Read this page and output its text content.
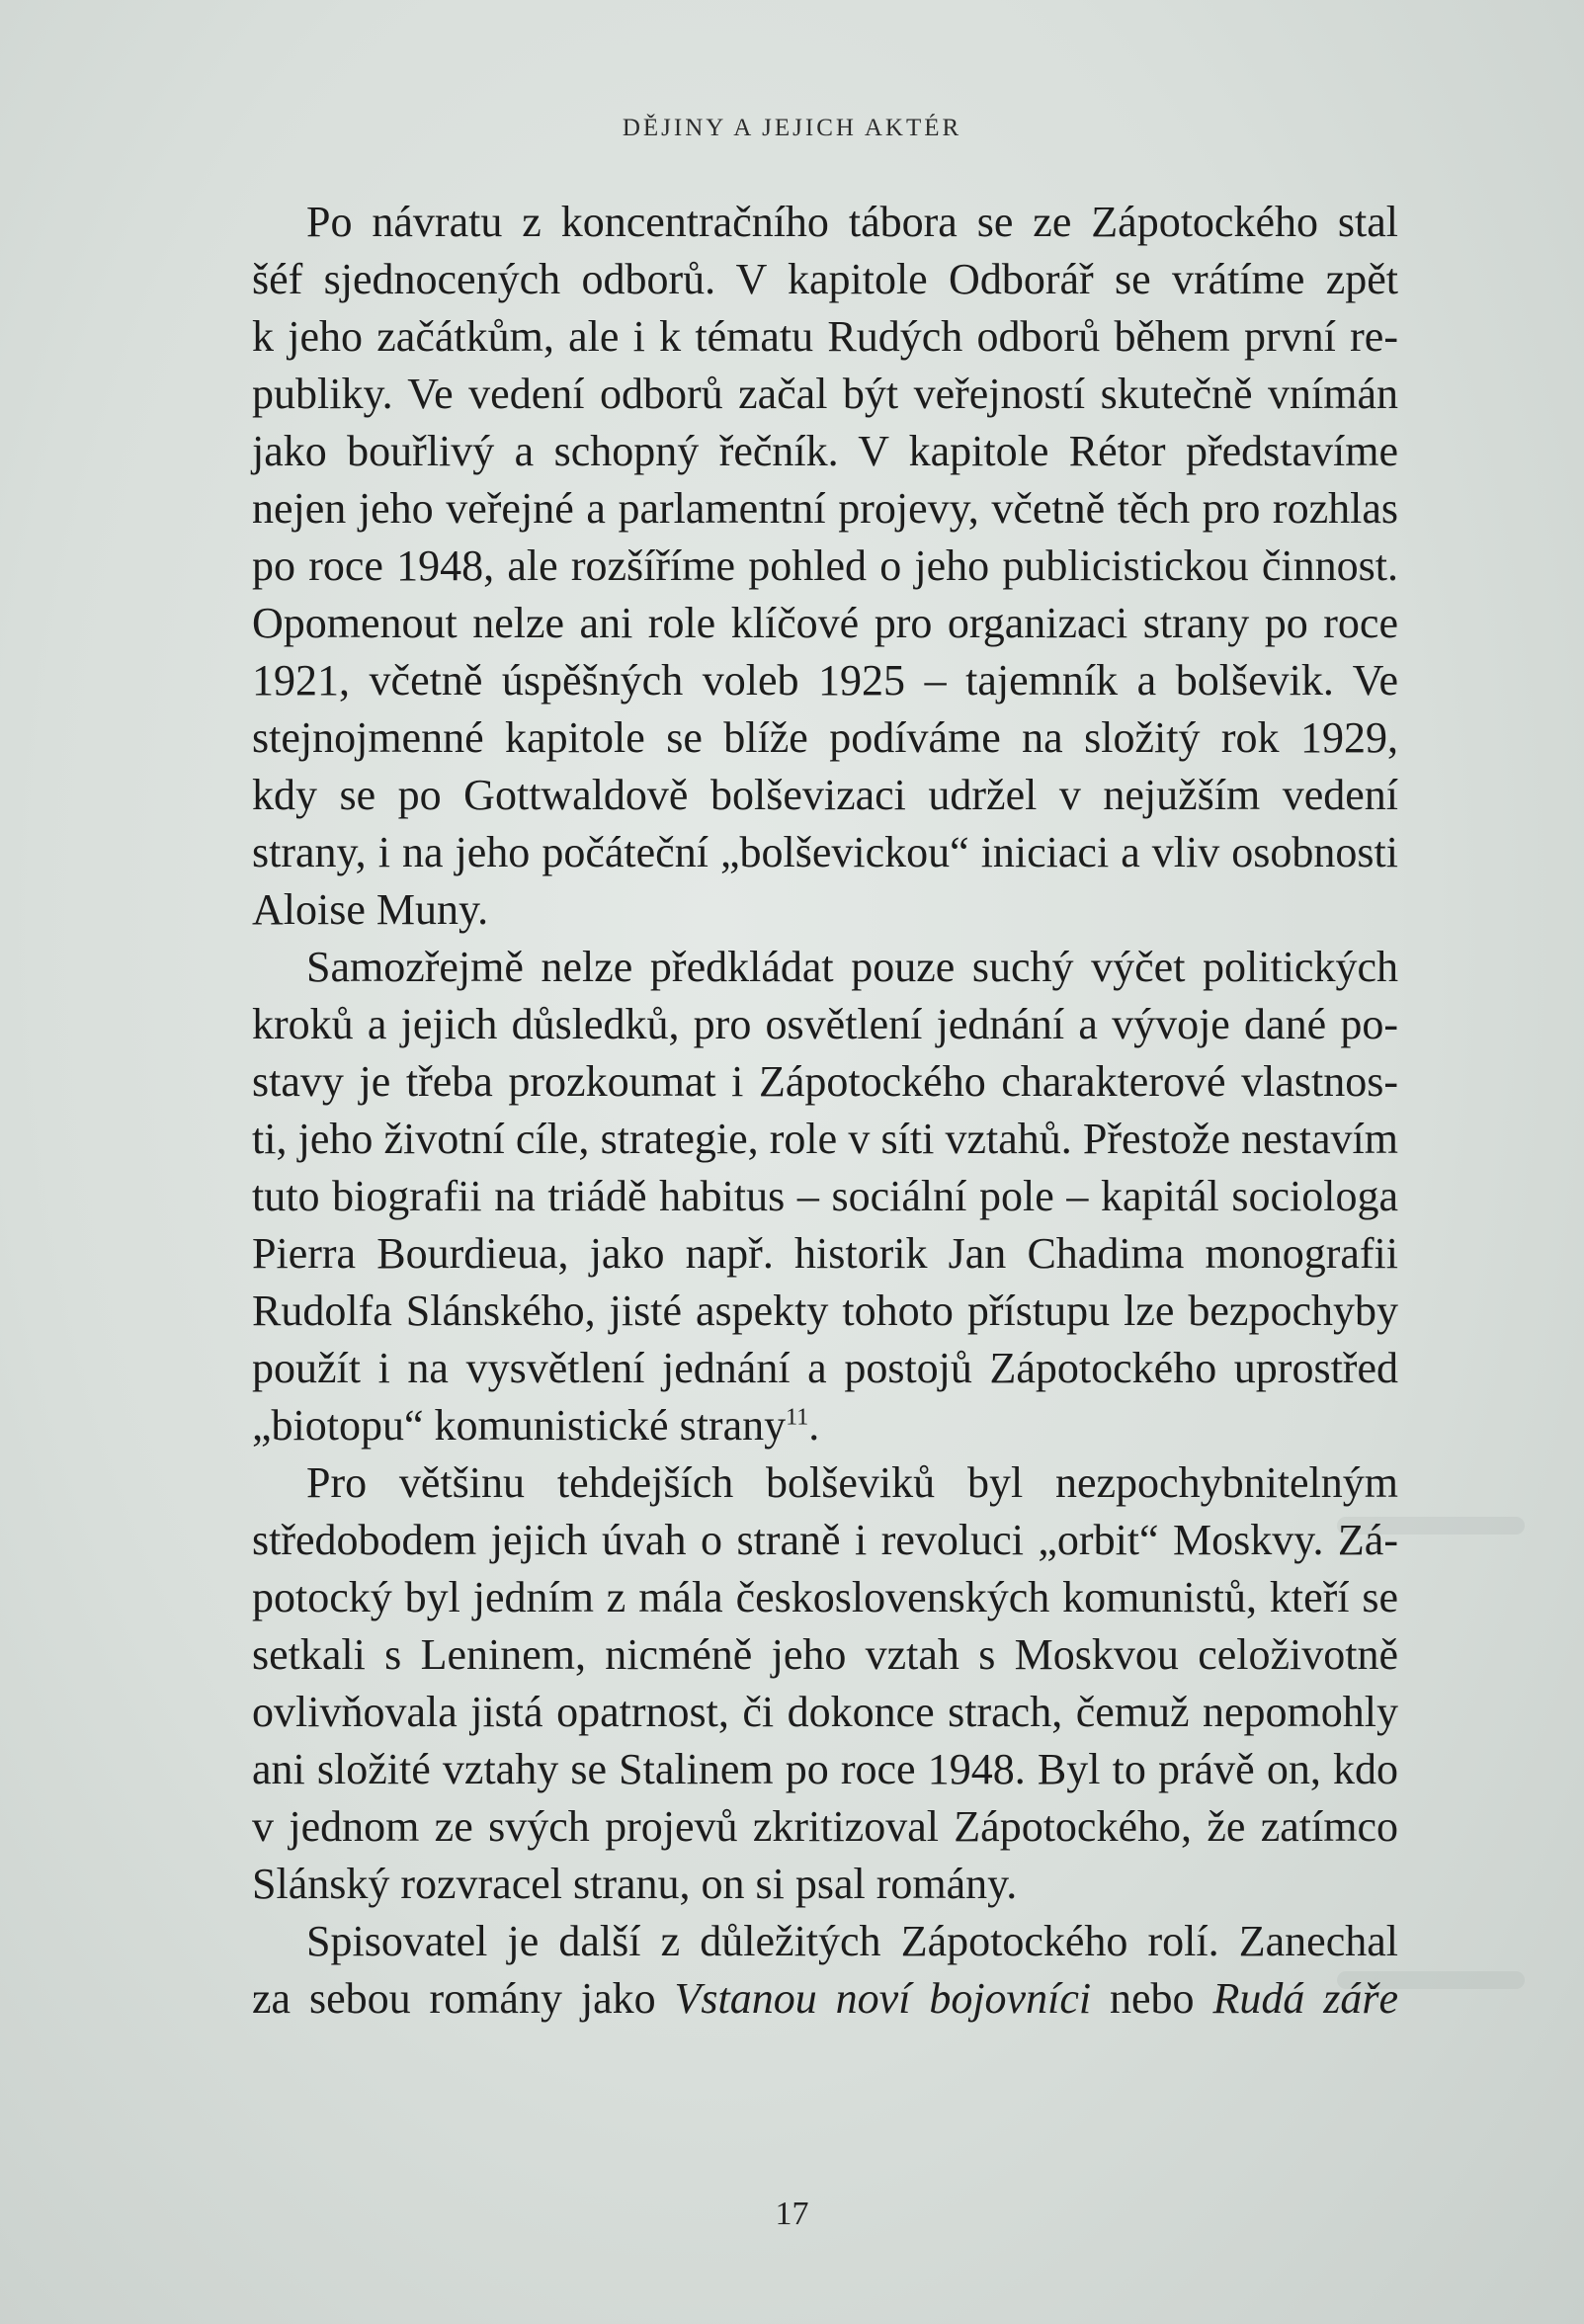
DĚJINY A JEJICH AKTÉR
Po návratu z koncentračního tábora se ze Zápotockého stal
šéf sjednocených odborů. V kapitole Odborář se vrátíme zpět
k jeho začátkům, ale i k tématu Rudých odborů během první re-
publiky. Ve vedení odborů začal být veřejností skutečně vnímán
jako bouřlivý a schopný řečník. V kapitole Rétor představíme
nejen jeho veřejné a parlamentní projevy, včetně těch pro rozhlas
po roce 1948, ale rozšíříme pohled o jeho publicistickou činnost.
Opomenout nelze ani role klíčové pro organizaci strany po roce
1921, včetně úspěšných voleb 1925 – tajemník a bolševik. Ve
stejnojmenné kapitole se blíže podíváme na složitý rok 1929,
kdy se po Gottwaldově bolševizaci udržel v nejužším vedení
strany, i na jeho počáteční „bolševickou“ iniciaci a vliv osobnosti
Aloise Muny.
Samozřejmě nelze předkládat pouze suchý výčet politických
kroků a jejich důsledků, pro osvětlení jednání a vývoje dané po-
stavy je třeba prozkoumat i Zápotockého charakterové vlastnos-
ti, jeho životní cíle, strategie, role v síti vztahů. Přestože nestavím
tuto biografii na triádě habitus – sociální pole – kapitál sociologa
Pierra Bourdieua, jako např. historik Jan Chadima monografii
Rudolfa Slánského, jisté aspekty tohoto přístupu lze bezpochyby
použít i na vysvětlení jednání a postojů Zápotockého uprostřed
„biotopu“ komunistické strany$^{11}$.
Pro většinu tehdejších bolševiků byl nezpochybnitelným
středobodem jejich úvah o straně i revoluci „orbit“ Moskvy. Zá-
potocký byl jedním z mála československých komunistů, kteří se
setkali s Leninem, nicméně jeho vztah s Moskvou celoživotně
ovlivňovala jistá opatrnost, či dokonce strach, čemuž nepomohly
ani složité vztahy se Stalinem po roce 1948. Byl to právě on, kdo
v jednom ze svých projevů zkritizoval Zápotockého, že zatímco
Slánský rozvracel stranu, on si psal romány.
Spisovatel je další z důležitých Zápotockého rolí. Zanechal
za sebou romány jako Vstanou noví bojovníci nebo Rudá záře
17
